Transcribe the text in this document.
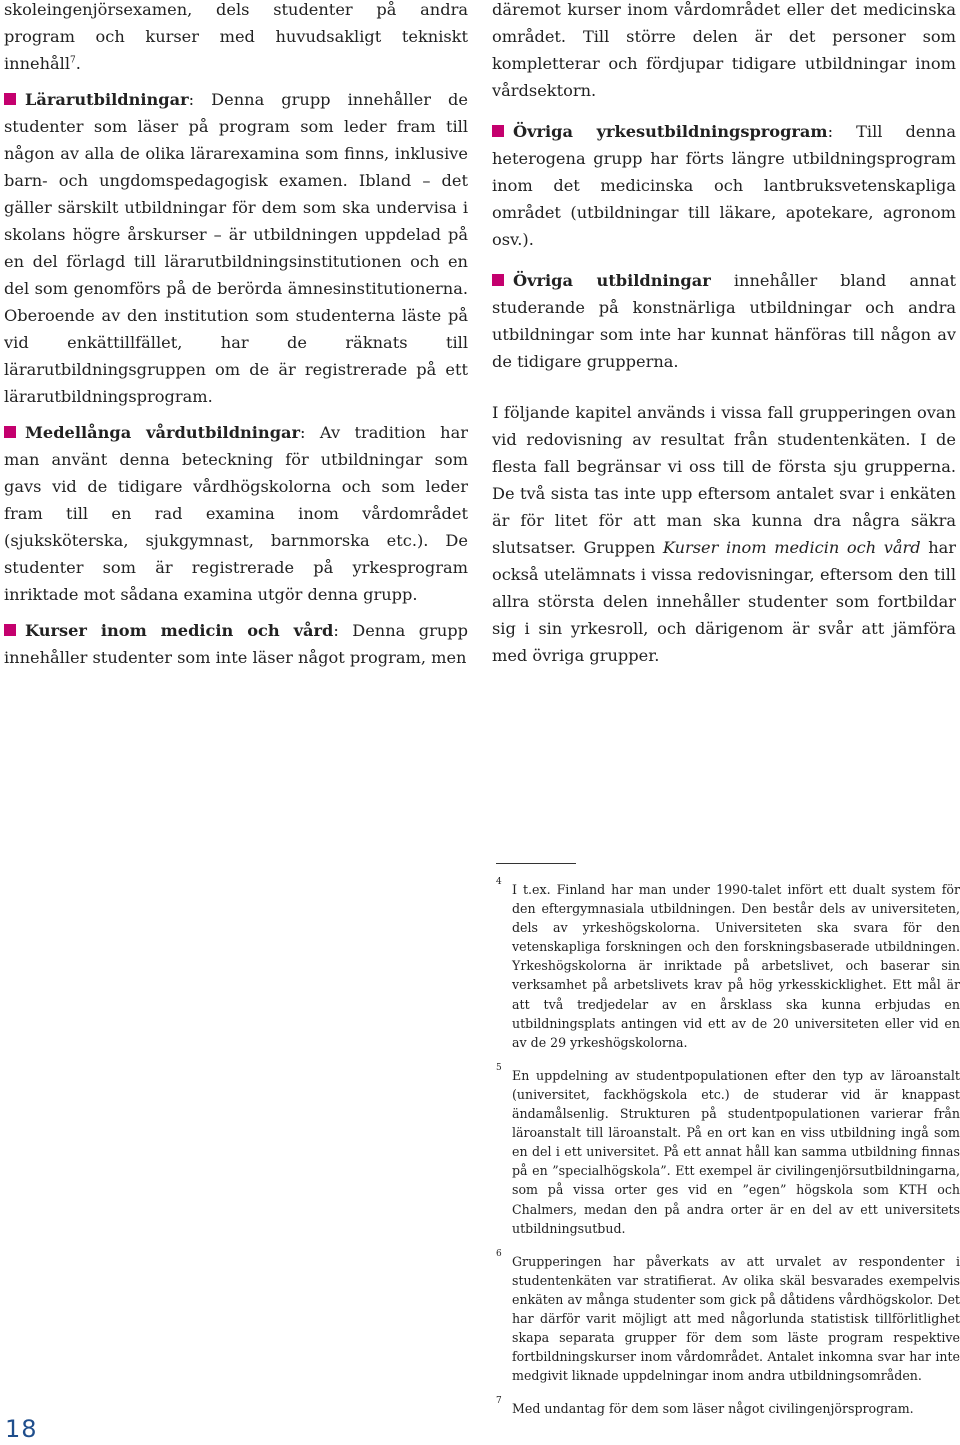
skoleingenjörsexamen, dels studenter på andra program och kurser med huvudsakligt tekniskt innehåll$^7$.

Lärarutbildningar: Denna grupp innehåller de studenter som läser på program som leder fram till någon av alla de olika lärarexamina som finns, inklusive barn- och ungdomspedagogisk examen. Ibland – det gäller särskilt utbildningar för dem som ska undervisa i skolans högre årskurser – är utbildningen uppdelad på en del förlagd till lärarutbildningsinstitutionen och en del som genomförs på de berörda ämnesinstitutionerna. Oberoende av den institution som studenterna läste på vid enkättillfället, har de räknats till lärarutbildningsgruppen om de är registrerade på ett lärarutbildningsprogram.

Medellånga vårdutbildningar: Av tradition har man använt denna beteckning för utbildningar som gavs vid de tidigare vårdhögskolorna och som leder fram till en rad examina inom vårdområdet (sjuksköterska, sjukgymnast, barnmorska etc.). De studenter som är registrerade på yrkesprogram inriktade mot sådana examina utgör denna grupp.

Kurser inom medicin och vård: Denna grupp innehåller studenter som inte läser något program, men

däremot kurser inom vårdområdet eller det medicinska området. Till större delen är det personer som kompletterar och fördjupar tidigare utbildningar inom vårdsektorn.

Övriga yrkesutbildningsprogram: Till denna heterogena grupp har förts längre utbildningsprogram inom det medicinska och lantbruksvetenskapliga området (utbildningar till läkare, apotekare, agronom osv.).

Övriga utbildningar innehåller bland annat studerande på konstnärliga utbildningar och andra utbildningar som inte har kunnat hänföras till någon av de tidigare grupperna.

I följande kapitel används i vissa fall grupperingen ovan vid redovisning av resultat från studentenkäten. I de flesta fall begränsar vi oss till de första sju grupperna. De två sista tas inte upp eftersom antalet svar i enkäten är för litet för att man ska kunna dra några säkra slutsatser. Gruppen Kurser inom medicin och vård har också utelämnats i vissa redovisningar, eftersom den till allra största delen innehåller studenter som fortbildar sig i sin yrkesroll, och därigenom är svår att jämföra med övriga grupper.

4 I t.ex. Finland har man under 1990-talet infört ett dualt system för den eftergymnasiala utbildningen. Den består dels av universiteten, dels av yrkeshögskolorna. Universiteten ska svara för den vetenskapliga forskningen och den forskningsbaserade utbildningen. Yrkeshögskolorna är inriktade på arbetslivet, och baserar sin verksamhet på arbetslivets krav på hög yrkesskicklighet. Ett mål är att två tredjedelar av en årsklass ska kunna erbjudas en utbildningsplats antingen vid ett av de 20 universiteten eller vid en av de 29 yrkeshögskolorna.
5 En uppdelning av studentpopulationen efter den typ av läroanstalt (universitet, fackhögskola etc.) de studerar vid är knappast ändamålsenlig. Strukturen på studentpopulationen varierar från läroanstalt till läroanstalt. På en ort kan en viss utbildning ingå som en del i ett universitet. På ett annat håll kan samma utbildning finnas på en ”specialhögskola”. Ett exempel är civilingenjörsutbildningarna, som på vissa orter ges vid en ”egen” högskola som KTH och Chalmers, medan den på andra orter är en del av ett universitets utbildningsutbud.
6 Grupperingen har påverkats av att urvalet av respondenter i studentenkäten var stratifierat. Av olika skäl besvarades exempelvis enkäten av många studenter som gick på dåtidens vårdhögskolor. Det har därför varit möjligt att med någorlunda statistisk tillförlitlighet skapa separata grupper för dem som läste program respektive fortbildningskurser inom vårdområdet. Antalet inkomna svar har inte medgivit liknade uppdelningar inom andra utbildningsområden.
7 Med undantag för dem som läser något civilingenjörsprogram.
18
